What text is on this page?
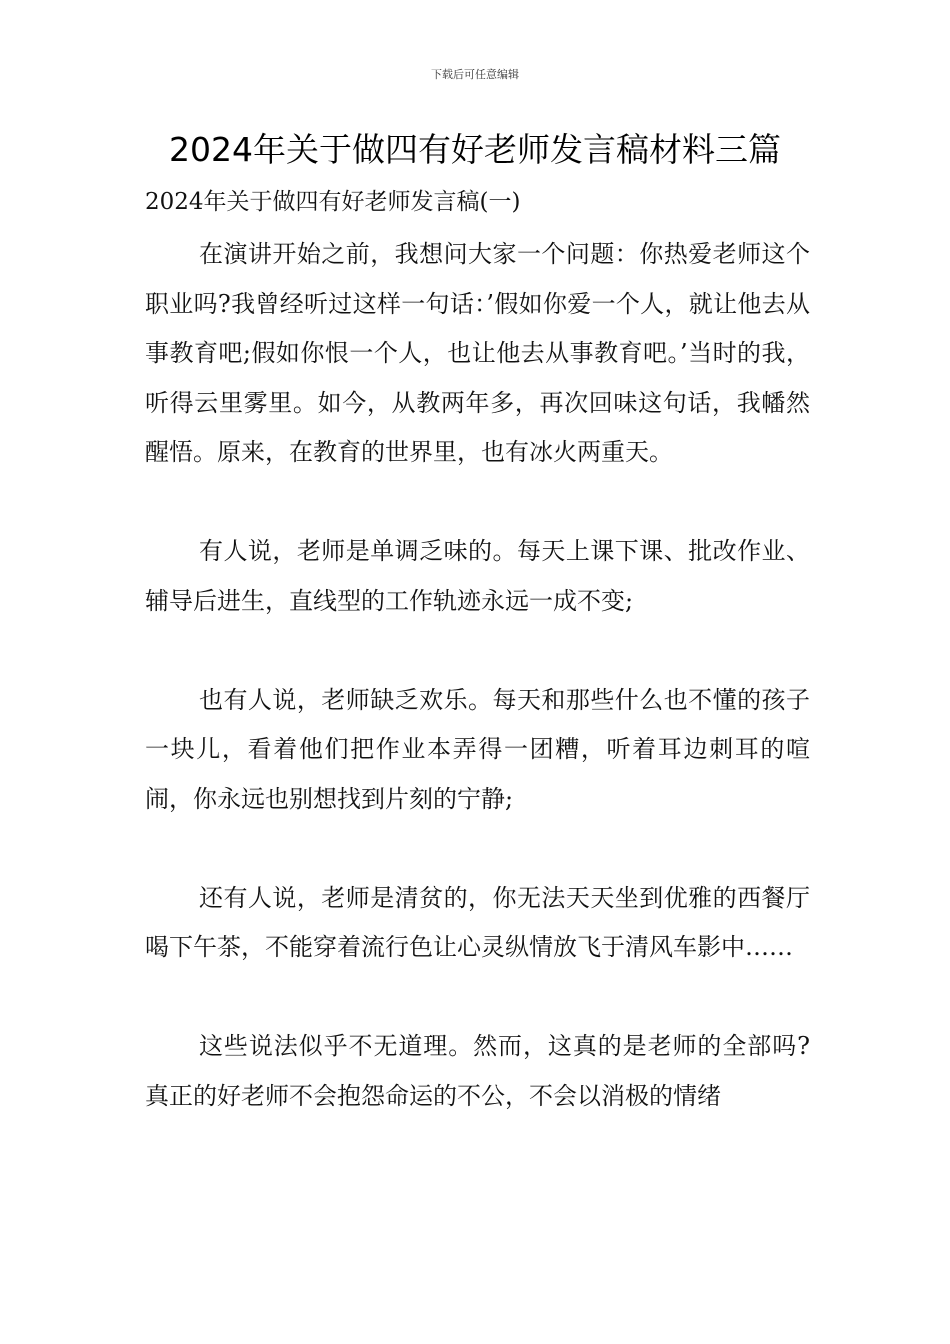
下载后可任意编辑
2024年关于做四有好老师发言稿材料三篇
2024年关于做四有好老师发言稿(一)

在演讲开始之前，我想问大家一个问题：你热爱老师这个职业吗?我曾经听过这样一句话：’假如你爱一个人，就让他去从事教育吧;假如你恨一个人，也让他去从事教育吧。’当时的我，听得云里雾里。如今，从教两年多，再次回味这句话，我幡然醒悟。原来，在教育的世界里，也有冰火两重天。

有人说，老师是单调乏味的。每天上课下课、批改作业、辅导后进生，直线型的工作轨迹永远一成不变;

也有人说，老师缺乏欢乐。每天和那些什么也不懂的孩子一块儿，看着他们把作业本弄得一团糟，听着耳边刺耳的喧闹，你永远也别想找到片刻的宁静;

还有人说，老师是清贫的，你无法天天坐到优雅的西餐厅喝下午茶，不能穿着流行色让心灵纵情放飞于清风车影中……

这些说法似乎不无道理。然而，这真的是老师的全部吗?真正的好老师不会抱怨命运的不公，不会以消极的情绪
